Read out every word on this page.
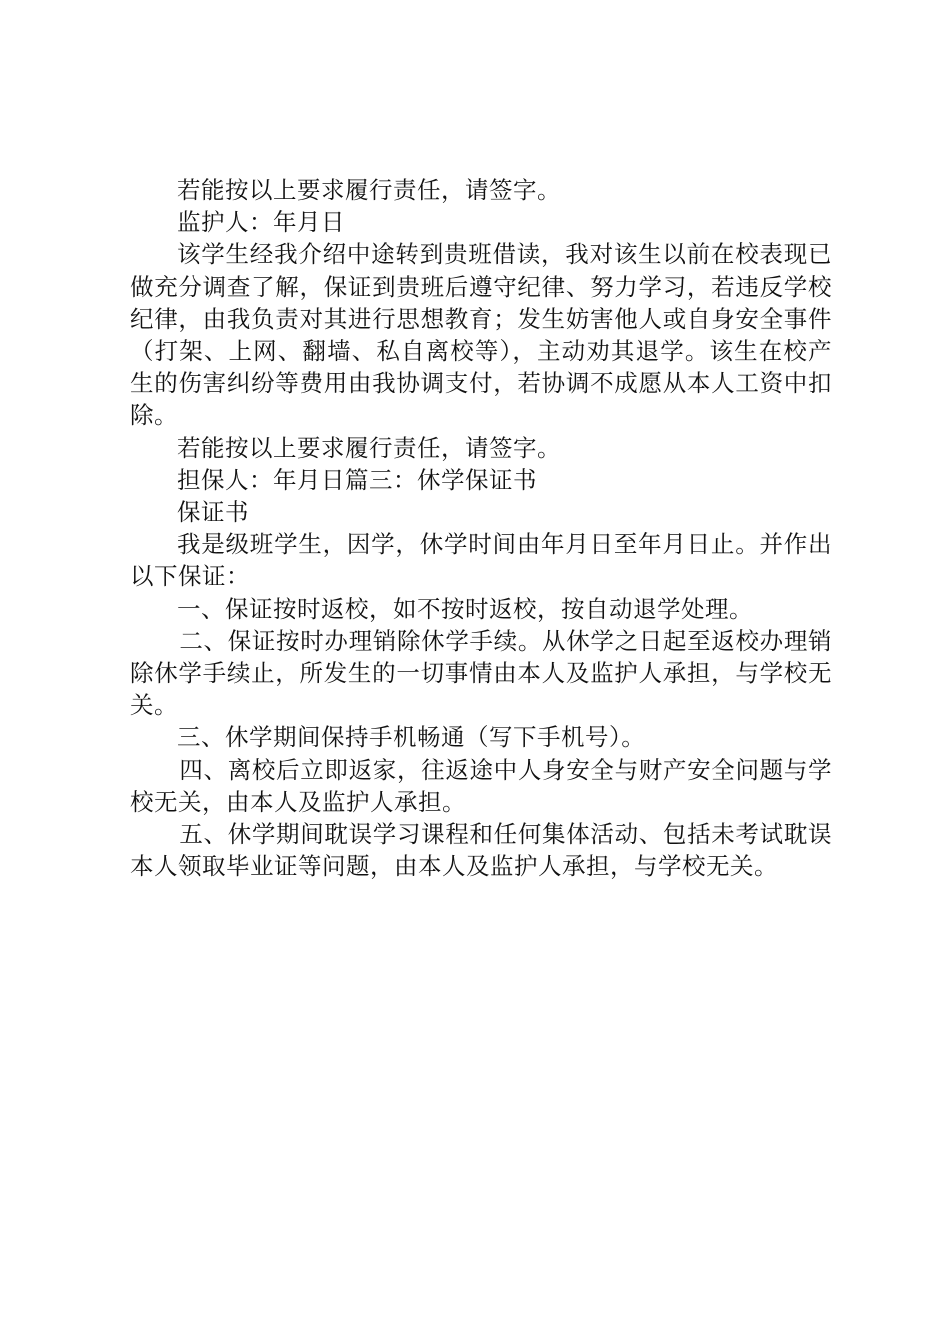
若能按以上要求履行责任，请签字。

监护人：年月日

该学生经我介绍中途转到贵班借读，我对该生以前在校表现已做充分调查了解，保证到贵班后遵守纪律、努力学习，若违反学校纪律，由我负责对其进行思想教育；发生妨害他人或自身安全事件（打架、上网、翻墙、私自离校等），主动劝其退学。该生在校产生的伤害纠纷等费用由我协调支付，若协调不成愿从本人工资中扣除。

若能按以上要求履行责任，请签字。

担保人：年月日篇三：休学保证书

保证书

我是级班学生，因学，休学时间由年月日至年月日止。并作出以下保证：

一、保证按时返校，如不按时返校，按自动退学处理。

二、保证按时办理销除休学手续。从休学之日起至返校办理销除休学手续止，所发生的一切事情由本人及监护人承担，与学校无关。

三、休学期间保持手机畅通（写下手机号）。

四、离校后立即返家，往返途中人身安全与财产安全问题与学校无关，由本人及监护人承担。

五、休学期间耽误学习课程和任何集体活动、包括未考试耽误本人领取毕业证等问题，由本人及监护人承担，与学校无关。
